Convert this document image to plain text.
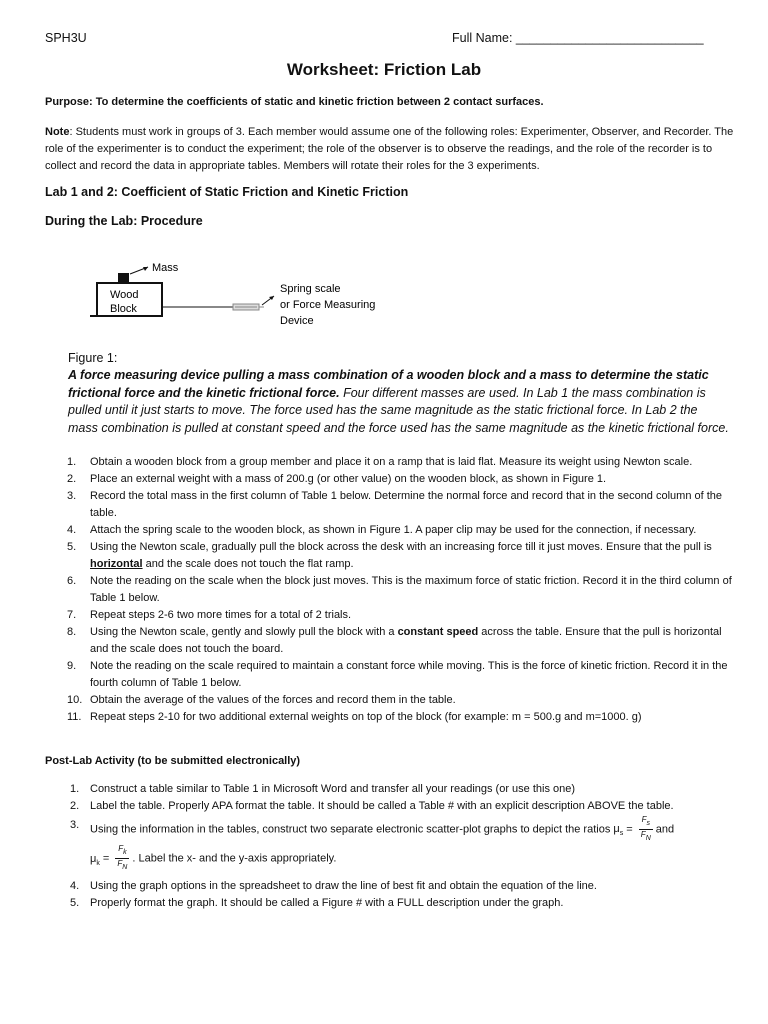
SPH3U	Full Name: ___________________________
Worksheet: Friction Lab
Purpose: To determine the coefficients of static and kinetic friction between 2 contact surfaces.
Note: Students must work in groups of 3. Each member would assume one of the following roles: Experimenter, Observer, and Recorder. The role of the experimenter is to conduct the experiment; the role of the observer is to observe the readings, and the role of the recorder is to collect and record the data in appropriate tables. Members will rotate their roles for the 3 experiments.
Lab 1 and 2: Coefficient of Static Friction and Kinetic Friction
During the Lab: Procedure
Mass
Wood
Block
Spring scale
or Force Measuring
Device
Figure 1:
A force measuring device pulling a mass combination of a wooden block and a mass to determine the static frictional force and the kinetic frictional force. Four different masses are used. In Lab 1 the mass combination is pulled until it just starts to move. The force used has the same magnitude as the static frictional force. In Lab 2 the mass combination is pulled at constant speed and the force used has the same magnitude as the kinetic frictional force.
1. Obtain a wooden block from a group member and place it on a ramp that is laid flat. Measure its weight using Newton scale.
2. Place an external weight with a mass of 200.g (or other value) on the wooden block, as shown in Figure 1.
3. Record the total mass in the first column of Table 1 below. Determine the normal force and record that in the second column of the table.
4. Attach the spring scale to the wooden block, as shown in Figure 1. A paper clip may be used for the connection, if necessary.
5. Using the Newton scale, gradually pull the block across the desk with an increasing force till it just moves. Ensure that the pull is horizontal and the scale does not touch the flat ramp.
6. Note the reading on the scale when the block just moves. This is the maximum force of static friction. Record it in the third column of Table 1 below.
7. Repeat steps 2-6 two more times for a total of 2 trials.
8. Using the Newton scale, gently and slowly pull the block with a constant speed across the table. Ensure that the pull is horizontal and the scale does not touch the board.
9. Note the reading on the scale required to maintain a constant force while moving. This is the force of kinetic friction. Record it in the fourth column of Table 1 below.
10. Obtain the average of the values of the forces and record them in the table.
11. Repeat steps 2-10 for two additional external weights on top of the block (for example: m = 500.g and m=1000. g)
Post-Lab Activity (to be submitted electronically)
1. Construct a table similar to Table 1 in Microsoft Word and transfer all your readings (or use this one)
2. Label the table. Properly APA format the table. It should be called a Table # with an explicit description ABOVE the table.
3. Using the information in the tables, construct two separate electronic scatter-plot graphs to depict the ratios $\mu_s = \frac{Fs}{FN}$ and
$\mu_k = \frac{Fk}{FN}$ . Label the x- and the y-axis appropriately.
4. Using the graph options in the spreadsheet to draw the line of best fit and obtain the equation of the line.
5. Properly format the graph. It should be called a Figure # with a FULL description under the graph.
